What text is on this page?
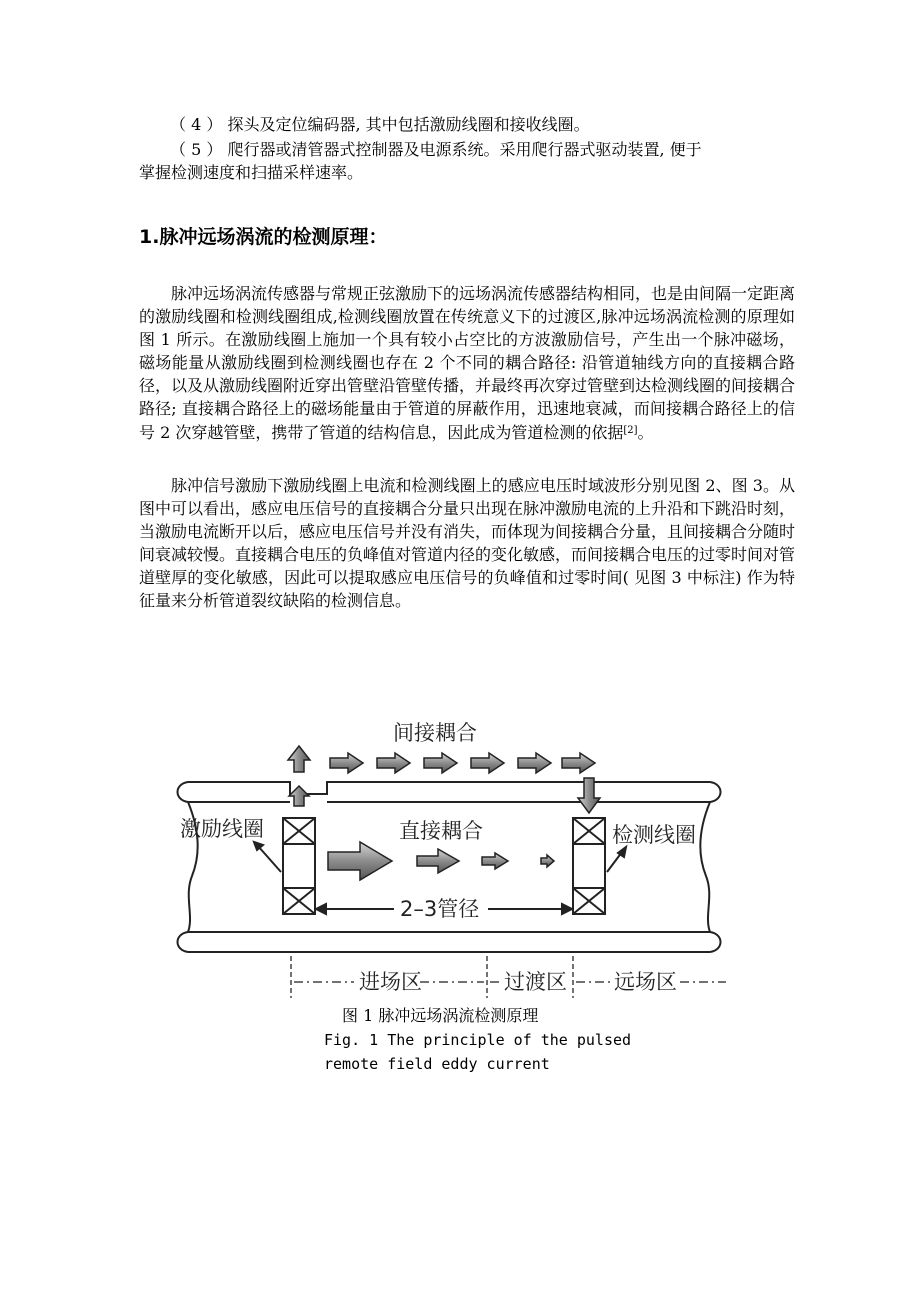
（ 4 ） 探头及定位编码器, 其中包括激励线圈和接收线圈。
（ 5 ） 爬行器或清管器式控制器及电源系统。采用爬行器式驱动装置, 便于
掌握检测速度和扫描采样速率。
1.脉冲远场涡流的检测原理：

脉冲远场涡流传感器与常规正弦激励下的远场涡流传感器结构相同，也是由间隔一定距离的激励线圈和检测线圈组成,检测线圈放置在传统意义下的过渡区,脉冲远场涡流检测的原理如图 1 所示。在激励线圈上施加一个具有较小占空比的方波激励信号，产生出一个脉冲磁场，磁场能量从激励线圈到检测线圈也存在 2 个不同的耦合路径: 沿管道轴线方向的直接耦合路径，以及从激励线圈附近穿出管壁沿管壁传播，并最终再次穿过管壁到达检测线圈的间接耦合路径; 直接耦合路径上的磁场能量由于管道的屏蔽作用，迅速地衰减，而间接耦合路径上的信号 2 次穿越管壁，携带了管道的结构信息，因此成为管道检测的依据[2]。

脉冲信号激励下激励线圈上电流和检测线圈上的感应电压时域波形分别见图 2、图 3。从图中可以看出，感应电压信号的直接耦合分量只出现在脉冲激励电流的上升沿和下跳沿时刻，当激励电流断开以后，感应电压信号并没有消失，而体现为间接耦合分量，且间接耦合分随时间衰减较慢。直接耦合电压的负峰值对管道内径的变化敏感，而间接耦合电压的过零时间对管道壁厚的变化敏感，因此可以提取感应电压信号的负峰值和过零时间( 见图 3 中标注) 作为特征量来分析管道裂纹缺陷的检测信息。

间接耦合
直接耦合
激励线圈	检测线圈
2–3管径
进场区	过渡区 远场区
图 1 脉冲远场涡流检测原理
Fig. 1 The principle of the pulsed
remote field eddy current
